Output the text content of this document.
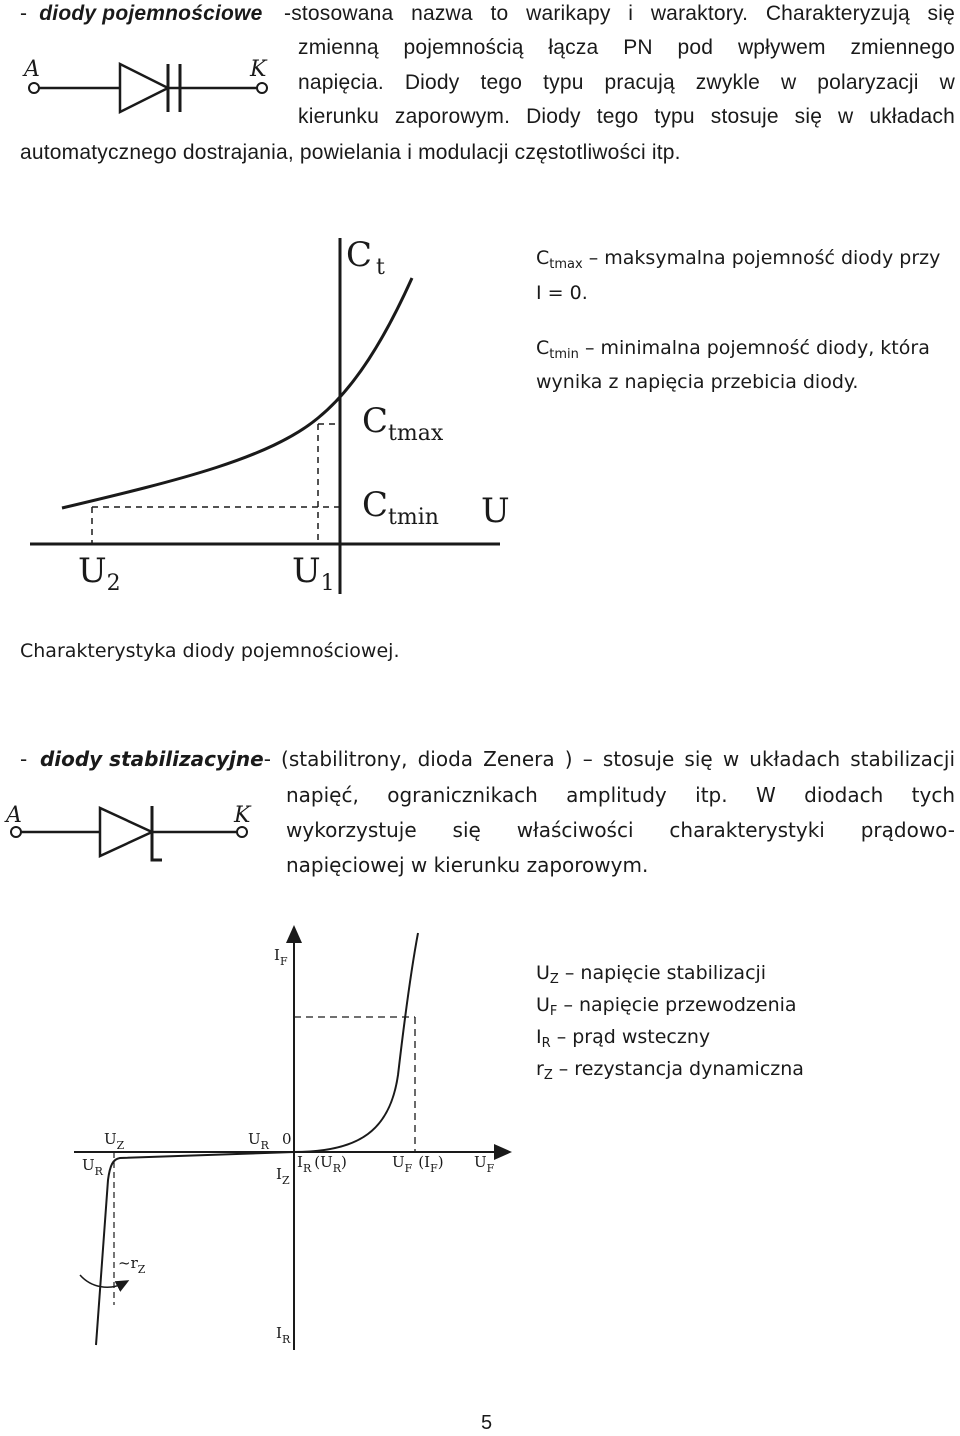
- diody pojemnościowe -stosowana nazwa to warikapy i waraktory. Charakteryzują się
zmienną pojemnością łącza PN pod wpływem zmiennego
napięcia. Diody tego typu pracują zwykle w polaryzacji w
kierunku zaporowym. Diody tego typu stosuje się w układach
automatycznego dostrajania, powielania i modulacji częstotliwości itp.
A	K
C $_t$
$C_{tmax}$
$C_{tmin}$ U
$U_2$	$U_1$
$C_{tmax}$ – maksymalna pojemność diody przy
I = 0.
$C_{tmin}$ – minimalna pojemność diody, która
wynika z napięcia przebicia diody.
Charakterystyka diody pojemnościowej.
- diody stabilizacyjne - (stabilitrony, dioda Zenera ) – stosuje się w układach stabilizacji
napięć, ogranicznikach amplitudy itp. W diodach tych
wykorzystuje się właściwości charakterystyki prądowo-
napięciowej w kierunku zaporowym.
A	K
$I_F$
$U_Z$	$U_R$ 0
$U_R$	$I_Z$
$I_R$ $(U_R)$	$U_F$ $(I_F)$ $U_F$
$\sim r_Z$
$I_R$
$U_Z$ – napięcie stabilizacji
$U_F$ – napięcie przewodzenia
$I_R$ – prąd wsteczny
$r_Z$ – rezystancja dynamiczna
5
